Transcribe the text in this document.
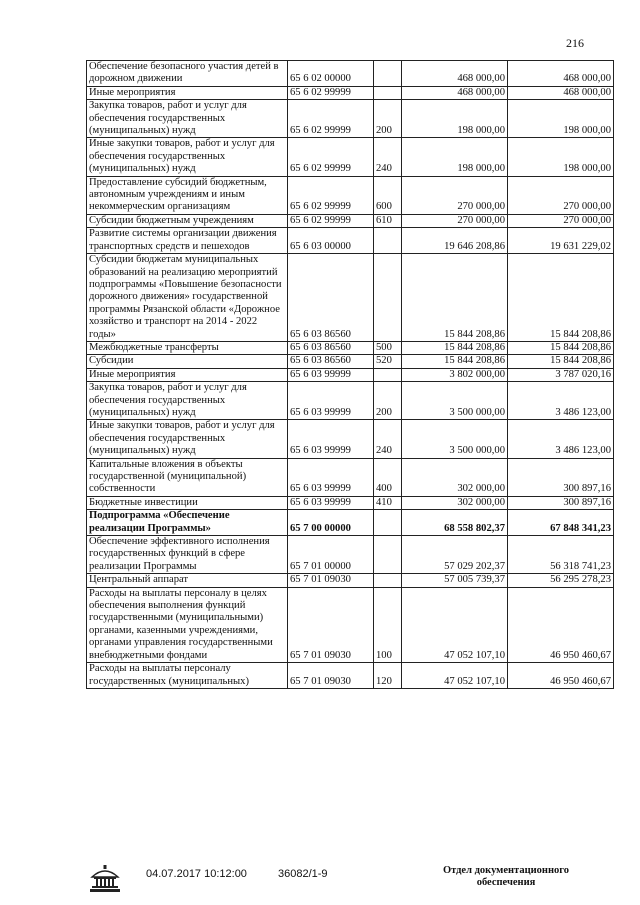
216
Обеспечение безопасного участия детей в дорожном движении	65 6 02 00000		468 000,00	468 000,00
Иные мероприятия	65 6 02 99999		468 000,00	468 000,00
Закупка товаров, работ и услуг для обеспечения государственных (муниципальных) нужд	65 6 02 99999	200	198 000,00	198 000,00
Иные закупки товаров, работ и услуг для обеспечения государственных (муниципальных) нужд	65 6 02 99999	240	198 000,00	198 000,00
Предоставление субсидий бюджетным, автономным учреждениям и иным некоммерческим организациям	65 6 02 99999	600	270 000,00	270 000,00
Субсидии бюджетным учреждениям	65 6 02 99999	610	270 000,00	270 000,00
Развитие системы организации движения транспортных средств и пешеходов	65 6 03 00000		19 646 208,86	19 631 229,02
Субсидии бюджетам муниципальных образований на реализацию мероприятий подпрограммы «Повышение безопасности дорожного движения» государственной программы Рязанской области «Дорожное хозяйство и транспорт на 2014 - 2022 годы»	65 6 03 86560		15 844 208,86	15 844 208,86
Межбюджетные трансферты	65 6 03 86560	500	15 844 208,86	15 844 208,86
Субсидии	65 6 03 86560	520	15 844 208,86	15 844 208,86
Иные мероприятия	65 6 03 99999		3 802 000,00	3 787 020,16
Закупка товаров, работ и услуг для обеспечения государственных (муниципальных) нужд	65 6 03 99999	200	3 500 000,00	3 486 123,00
Иные закупки товаров, работ и услуг для обеспечения государственных (муниципальных) нужд	65 6 03 99999	240	3 500 000,00	3 486 123,00
Капитальные вложения в объекты государственной (муниципальной) собственности	65 6 03 99999	400	302 000,00	300 897,16
Бюджетные инвестиции	65 6 03 99999	410	302 000,00	300 897,16
Подпрограмма «Обеспечение реализации Программы»	65 7 00 00000		68 558 802,37	67 848 341,23
Обеспечение эффективного исполнения государственных функций в сфере реализации Программы	65 7 01 00000		57 029 202,37	56 318 741,23
Центральный аппарат	65 7 01 09030		57 005 739,37	56 295 278,23
Расходы на выплаты персоналу в целях обеспечения выполнения функций государственными (муниципальными) органами, казенными учреждениями, органами управления государственными внебюджетными фондами	65 7 01 09030	100	47 052 107,10	46 950 460,67
Расходы на выплаты персоналу государственных (муниципальных)	65 7 01 09030	120	47 052 107,10	46 950 460,67
04.07.2017 10:12:00	36082/1-9	Отдел документационного обеспечения
